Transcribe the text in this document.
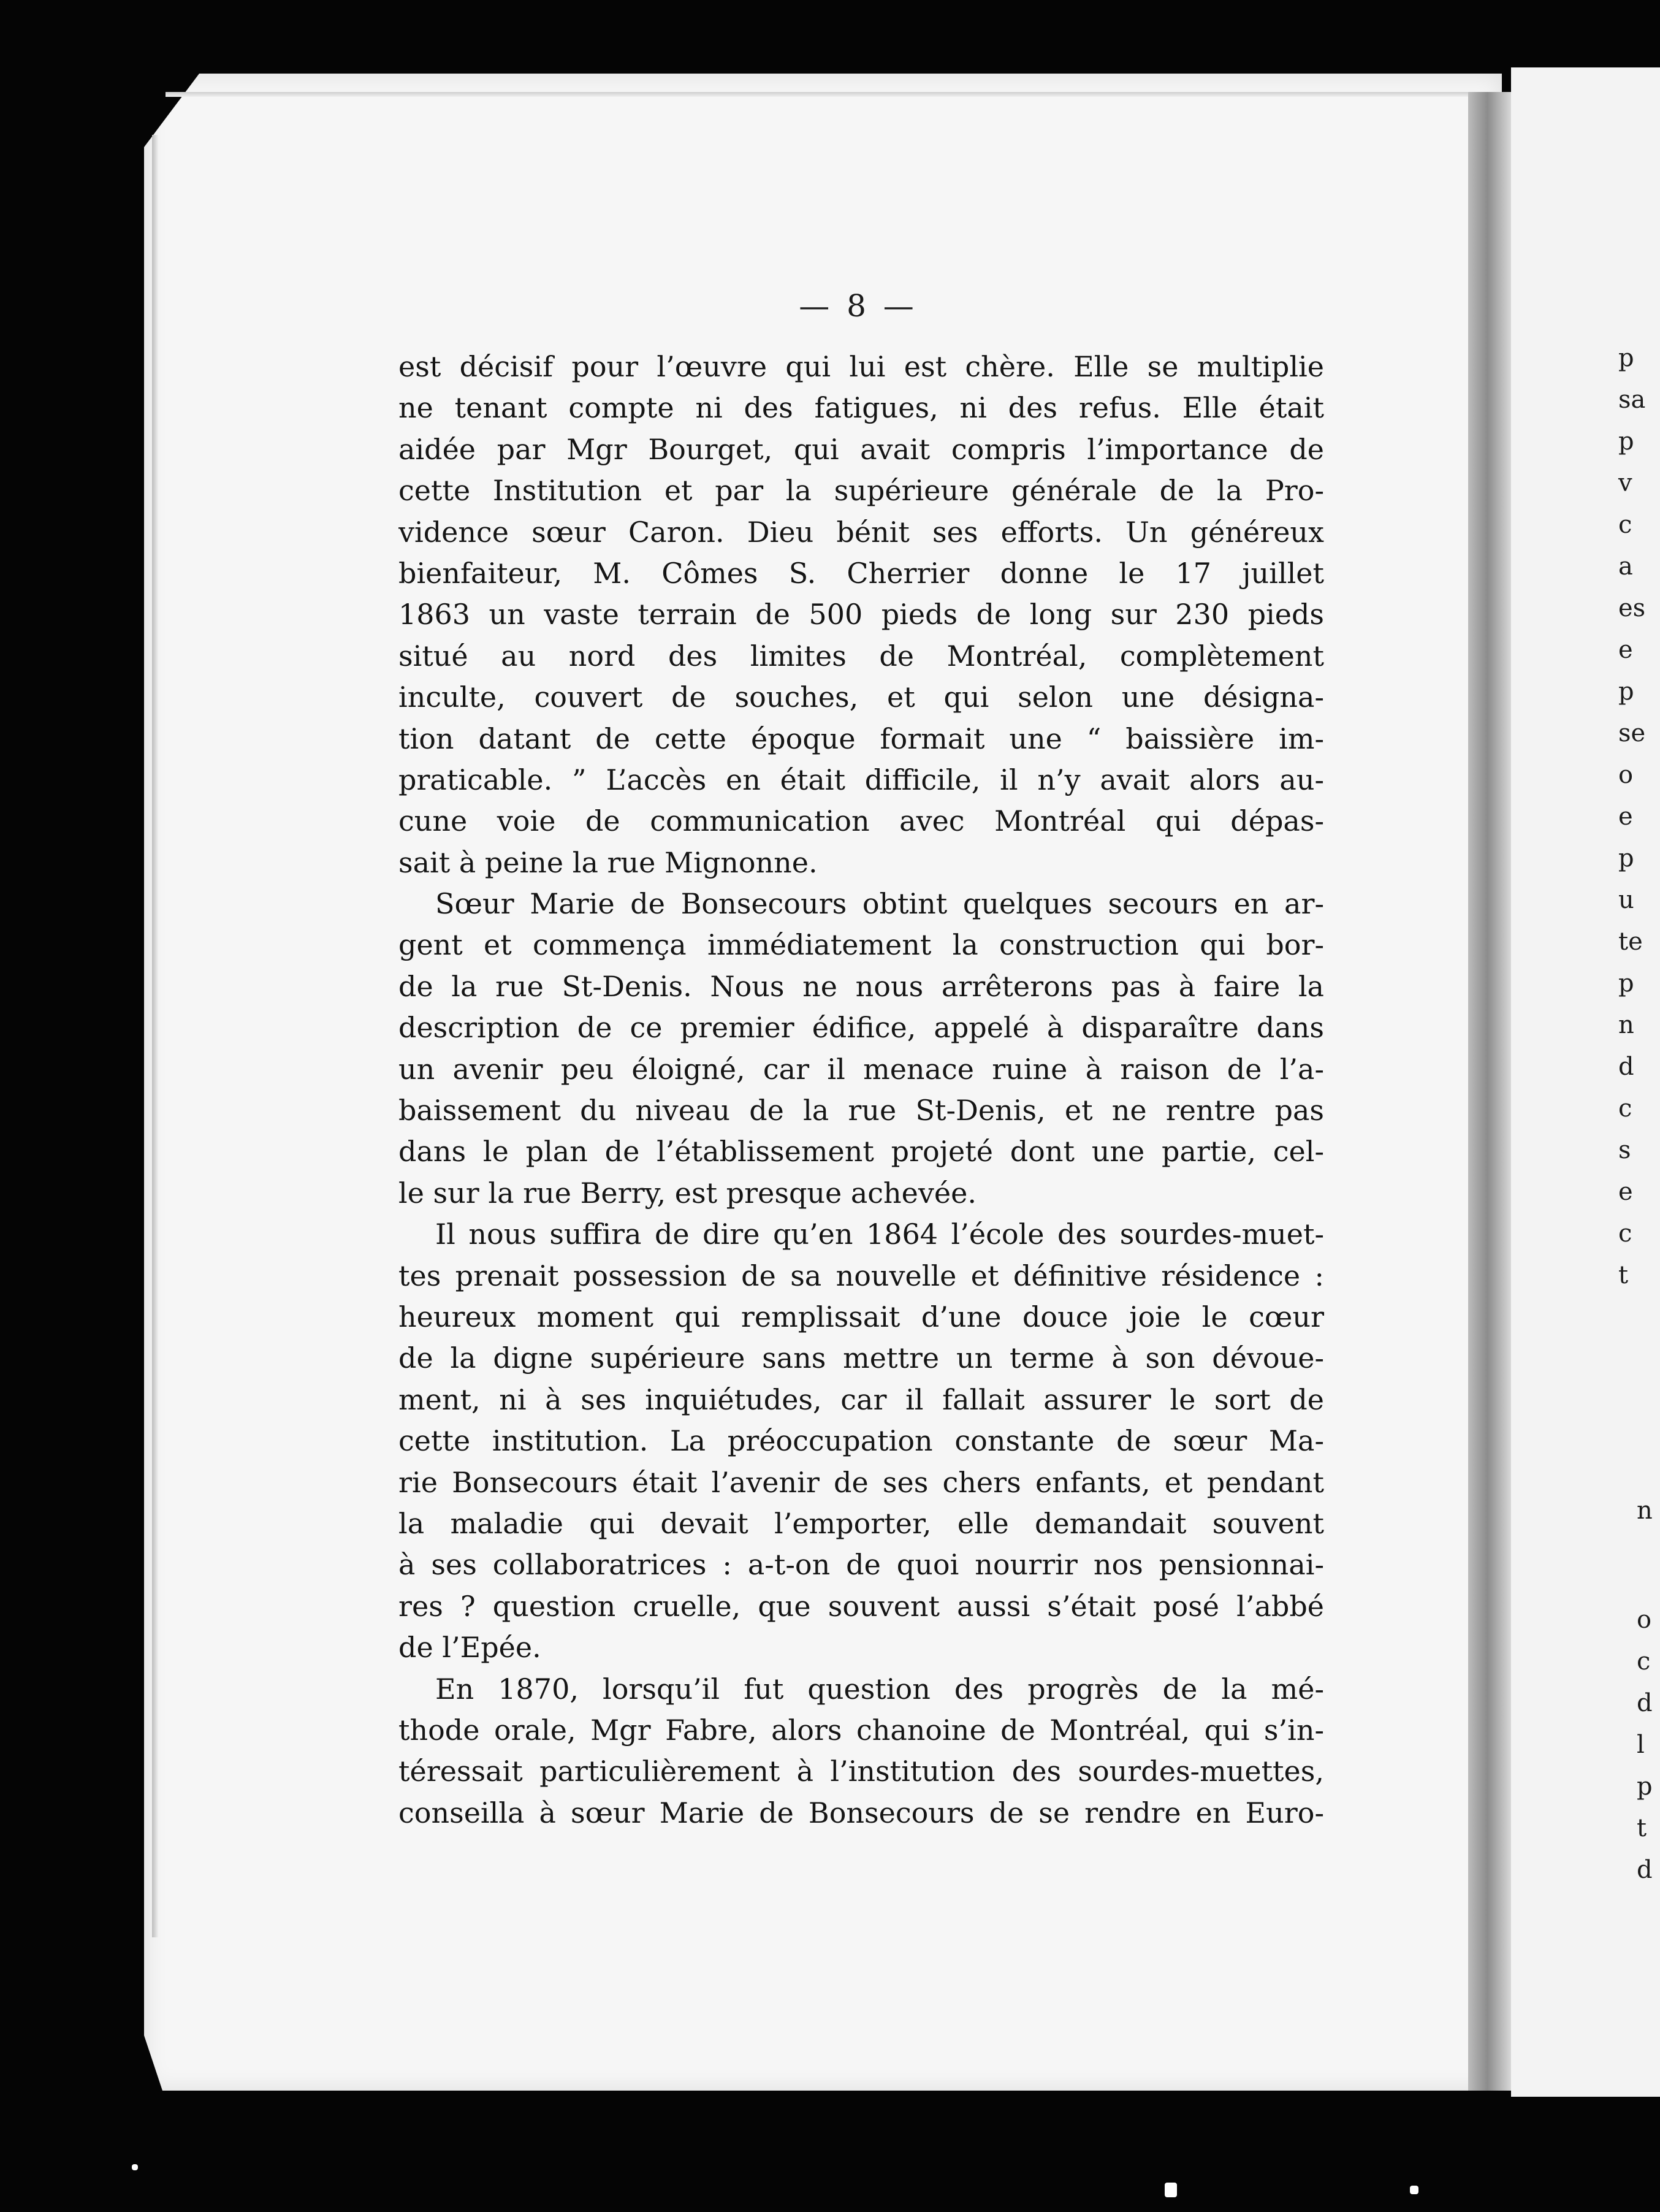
p
sa
p
v
c
a
es
e
p
se
o
e
p
u
te
p
n
d
c
s
e
c
t
n
o
c
d
l
p
t
d
— 8 —
est décisif pour l’œuvre qui lui est chère. Elle se multiplie
ne tenant compte ni des fatigues, ni des refus. Elle était
aidée par Mgr Bourget, qui avait compris l’importance de
cette Institution et par la supérieure générale de la Pro-
vidence sœur Caron. Dieu bénit ses efforts. Un généreux
bienfaiteur, M. Cômes S. Cherrier donne le 17 juillet
1863 un vaste terrain de 500 pieds de long sur 230 pieds
situé au nord des limites de Montréal, complètement
inculte, couvert de souches, et qui selon une désigna-
tion datant de cette époque formait une “ baissière im-
praticable. ” L’accès en était difficile, il n’y avait alors au-
cune voie de communication avec Montréal qui dépas-
sait à peine la rue Mignonne.
Sœur Marie de Bonsecours obtint quelques secours en ar-
gent et commença immédiatement la construction qui bor-
de la rue St-Denis. Nous ne nous arrêterons pas à faire la
description de ce premier édifice, appelé à disparaître dans
un avenir peu éloigné, car il menace ruine à raison de l’a-
baissement du niveau de la rue St-Denis, et ne rentre pas
dans le plan de l’établissement projeté dont une partie, cel-
le sur la rue Berry, est presque achevée.
Il nous suffira de dire qu’en 1864 l’école des sourdes-muet-
tes prenait possession de sa nouvelle et définitive résidence :
heureux moment qui remplissait d’une douce joie le cœur
de la digne supérieure sans mettre un terme à son dévoue-
ment, ni à ses inquiétudes, car il fallait assurer le sort de
cette institution. La préoccupation constante de sœur Ma-
rie Bonsecours était l’avenir de ses chers enfants, et pendant
la maladie qui devait l’emporter, elle demandait souvent
à ses collaboratrices : a-t-on de quoi nourrir nos pensionnai-
res ? question cruelle, que souvent aussi s’était posé l’abbé
de l’Epée.
En 1870, lorsqu’il fut question des progrès de la mé-
thode orale, Mgr Fabre, alors chanoine de Montréal, qui s’in-
téressait particulièrement à l’institution des sourdes-muettes,
conseilla à sœur Marie de Bonsecours de se rendre en Euro-
